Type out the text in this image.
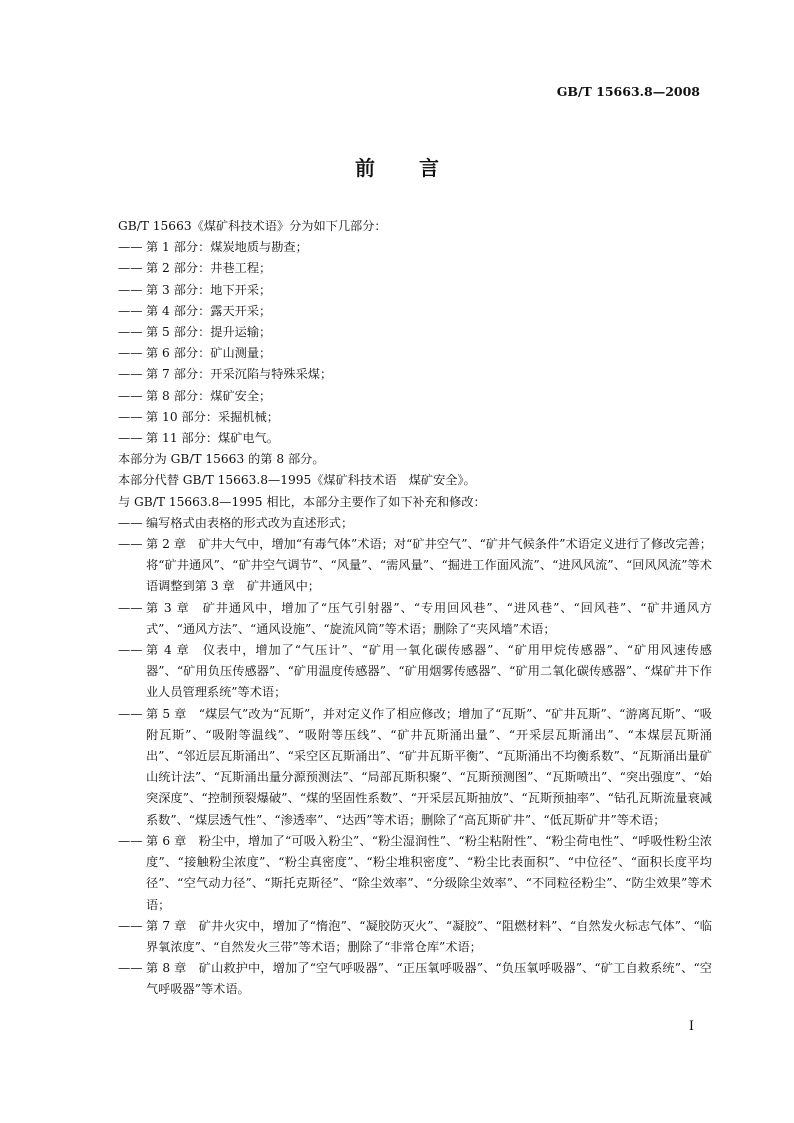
GB/T 15663.8—2008
前 言
GB/T 15663《煤矿科技术语》分为如下几部分：
—— 第 1 部分：煤炭地质与勘查；
—— 第 2 部分：井巷工程；
—— 第 3 部分：地下开采；
—— 第 4 部分：露天开采；
—— 第 5 部分：提升运输；
—— 第 6 部分：矿山测量；
—— 第 7 部分：开采沉陷与特殊采煤；
—— 第 8 部分：煤矿安全；
—— 第 10 部分：采掘机械；
—— 第 11 部分：煤矿电气。
本部分为 GB/T 15663 的第 8 部分。
本部分代替 GB/T 15663.8—1995《煤矿科技术语　煤矿安全》。
与 GB/T 15663.8—1995 相比，本部分主要作了如下补充和修改：
—— 编写格式由表格的形式改为直述形式；
—— 第 2 章　矿井大气中，增加“有毒气体”术语；对“矿井空气”、“矿井气候条件”术语定义进行了修改完善；将“矿井通风”、“矿井空气调节”、“风量”、“需风量”、“掘进工作面风流”、“进风风流”、“回风风流”等术语调整到第 3 章　矿井通风中；
—— 第 3 章　矿井通风中，增加了“压气引射器”、“专用回风巷”、“进风巷”、“回风巷”、“矿井通风方式”、“通风方法”、“通风设施”、“旋流风筒”等术语；删除了“夹风墙”术语；
—— 第 4 章　仪表中，增加了“气压计”、“矿用一氧化碳传感器”、“矿用甲烷传感器”、“矿用风速传感器”、“矿用负压传感器”、“矿用温度传感器”、“矿用烟雾传感器”、“矿用二氧化碳传感器”、“煤矿井下作业人员管理系统”等术语；
—— 第 5 章　“煤层气”改为“瓦斯”，并对定义作了相应修改；增加了“瓦斯”、“矿井瓦斯”、“游离瓦斯”、“吸附瓦斯”、“吸附等温线”、“吸附等压线”、“矿井瓦斯涌出量”、“开采层瓦斯涌出”、“本煤层瓦斯涌出”、“邻近层瓦斯涌出”、“采空区瓦斯涌出”、“矿井瓦斯平衡”、“瓦斯涌出不均衡系数”、“瓦斯涌出量矿山统计法”、“瓦斯涌出量分源预测法”、“局部瓦斯积聚”、“瓦斯预测图”、“瓦斯喷出”、“突出强度”、“始突深度”、“控制预裂爆破”、“煤的坚固性系数”、“开采层瓦斯抽放”、“瓦斯预抽率”、“钻孔瓦斯流量衰减系数”、“煤层透气性”、“渗透率”、“达西”等术语；删除了“高瓦斯矿井”、“低瓦斯矿井”等术语；
—— 第 6 章　粉尘中，增加了“可吸入粉尘”、“粉尘湿润性”、“粉尘粘附性”、“粉尘荷电性”、“呼吸性粉尘浓度”、“接触粉尘浓度”、“粉尘真密度”、“粉尘堆积密度”、“粉尘比表面积”、“中位径”、“面积长度平均径”、“空气动力径”、“斯托克斯径”、“除尘效率”、“分级除尘效率”、“不同粒径粉尘”、“防尘效果”等术语；
—— 第 7 章　矿井火灾中，增加了“惰泡”、“凝胶防灭火”、“凝胶”、“阻燃材料”、“自然发火标志气体”、“临界氧浓度”、“自然发火三带”等术语；删除了“非常仓库”术语；
—— 第 8 章　矿山救护中，增加了“空气呼吸器”、“正压氧呼吸器”、“负压氧呼吸器”、“矿工自救系统”、“空气呼吸器”等术语。
I
